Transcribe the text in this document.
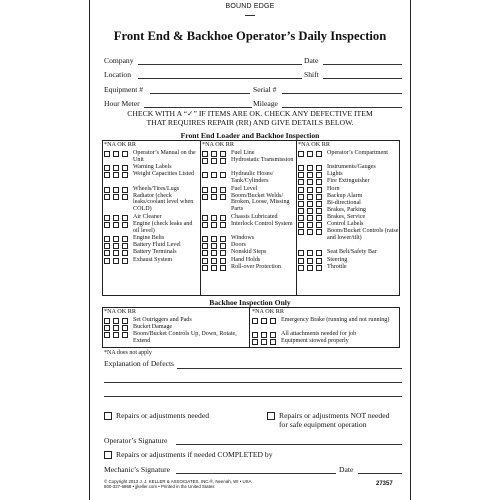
BOUND EDGE
Front End & Backhoe Operator’s Daily Inspection
Company	Date
Location	Shift
Equipment #	Serial #
Hour Meter	Mileage
CHECK WITH A “✓” IF ITEMS ARE OK. CHECK ANY DEFECTIVE ITEM
THAT REQUIRES REPAIR (RR) AND GIVE DETAILS BELOW.
Front End Loader and Backhoe Inspection
*NA OK RR	*NA OK RR	*NA OK RR
Operator’s Manual on the Unit
Warning Labels
Weight Capacities Listed
Wheels/Tires/Lugs
Radiator (check leaks/coolant level when COLD)
Air Cleaner
Engine (check leaks and oil level)
Engine Belts
Battery Fluid Level
Battery Terminals
Exhaust System
Fuel Line
Hydrostatic Transmission
Hydraulic Hoses/ Tank/Cylinders
Fuel Level
Boom/Bucket Welds/ Broken, Loose, Missing Parts
Chassis Lubricated
Interlock Control System
Windows
Doors
Nonskid Steps
Hand Holds
Roll-over Protection
Operator’s Compartment
Instruments/Gauges
Lights
Fire Extinguisher
Horn
Backup Alarm
Bi-directional
Brakes, Parking
Brakes, Service
Control Labels
Boom/Bucket Controls (raise and lower/tilt)
Seat Belt/Safety Bar
Steering
Throttle
Backhoe Inspection Only
*NA OK RR	*NA OK RR
Set Outriggers and Pads
Bucket Damage
Boom/Bucket Controls Up, Down, Rotate, Extend
Emergency Brake (running and not running)
All attachments needed for job
Equipment stowed properly
*NA does not apply
Explanation of Defects
Repairs or adjustments needed	Repairs or adjustments NOT needed
for safe equipment operation
Operator’s Signature
Repairs or adjustments if needed COMPLETED by
Mechanic’s Signature	Date
© Copyright 2013 J. J. KELLER & ASSOCIATES, INC.®, Neenah, WI • USA
800-327-6868 • jjkeller.com • Printed in the United States	27357
